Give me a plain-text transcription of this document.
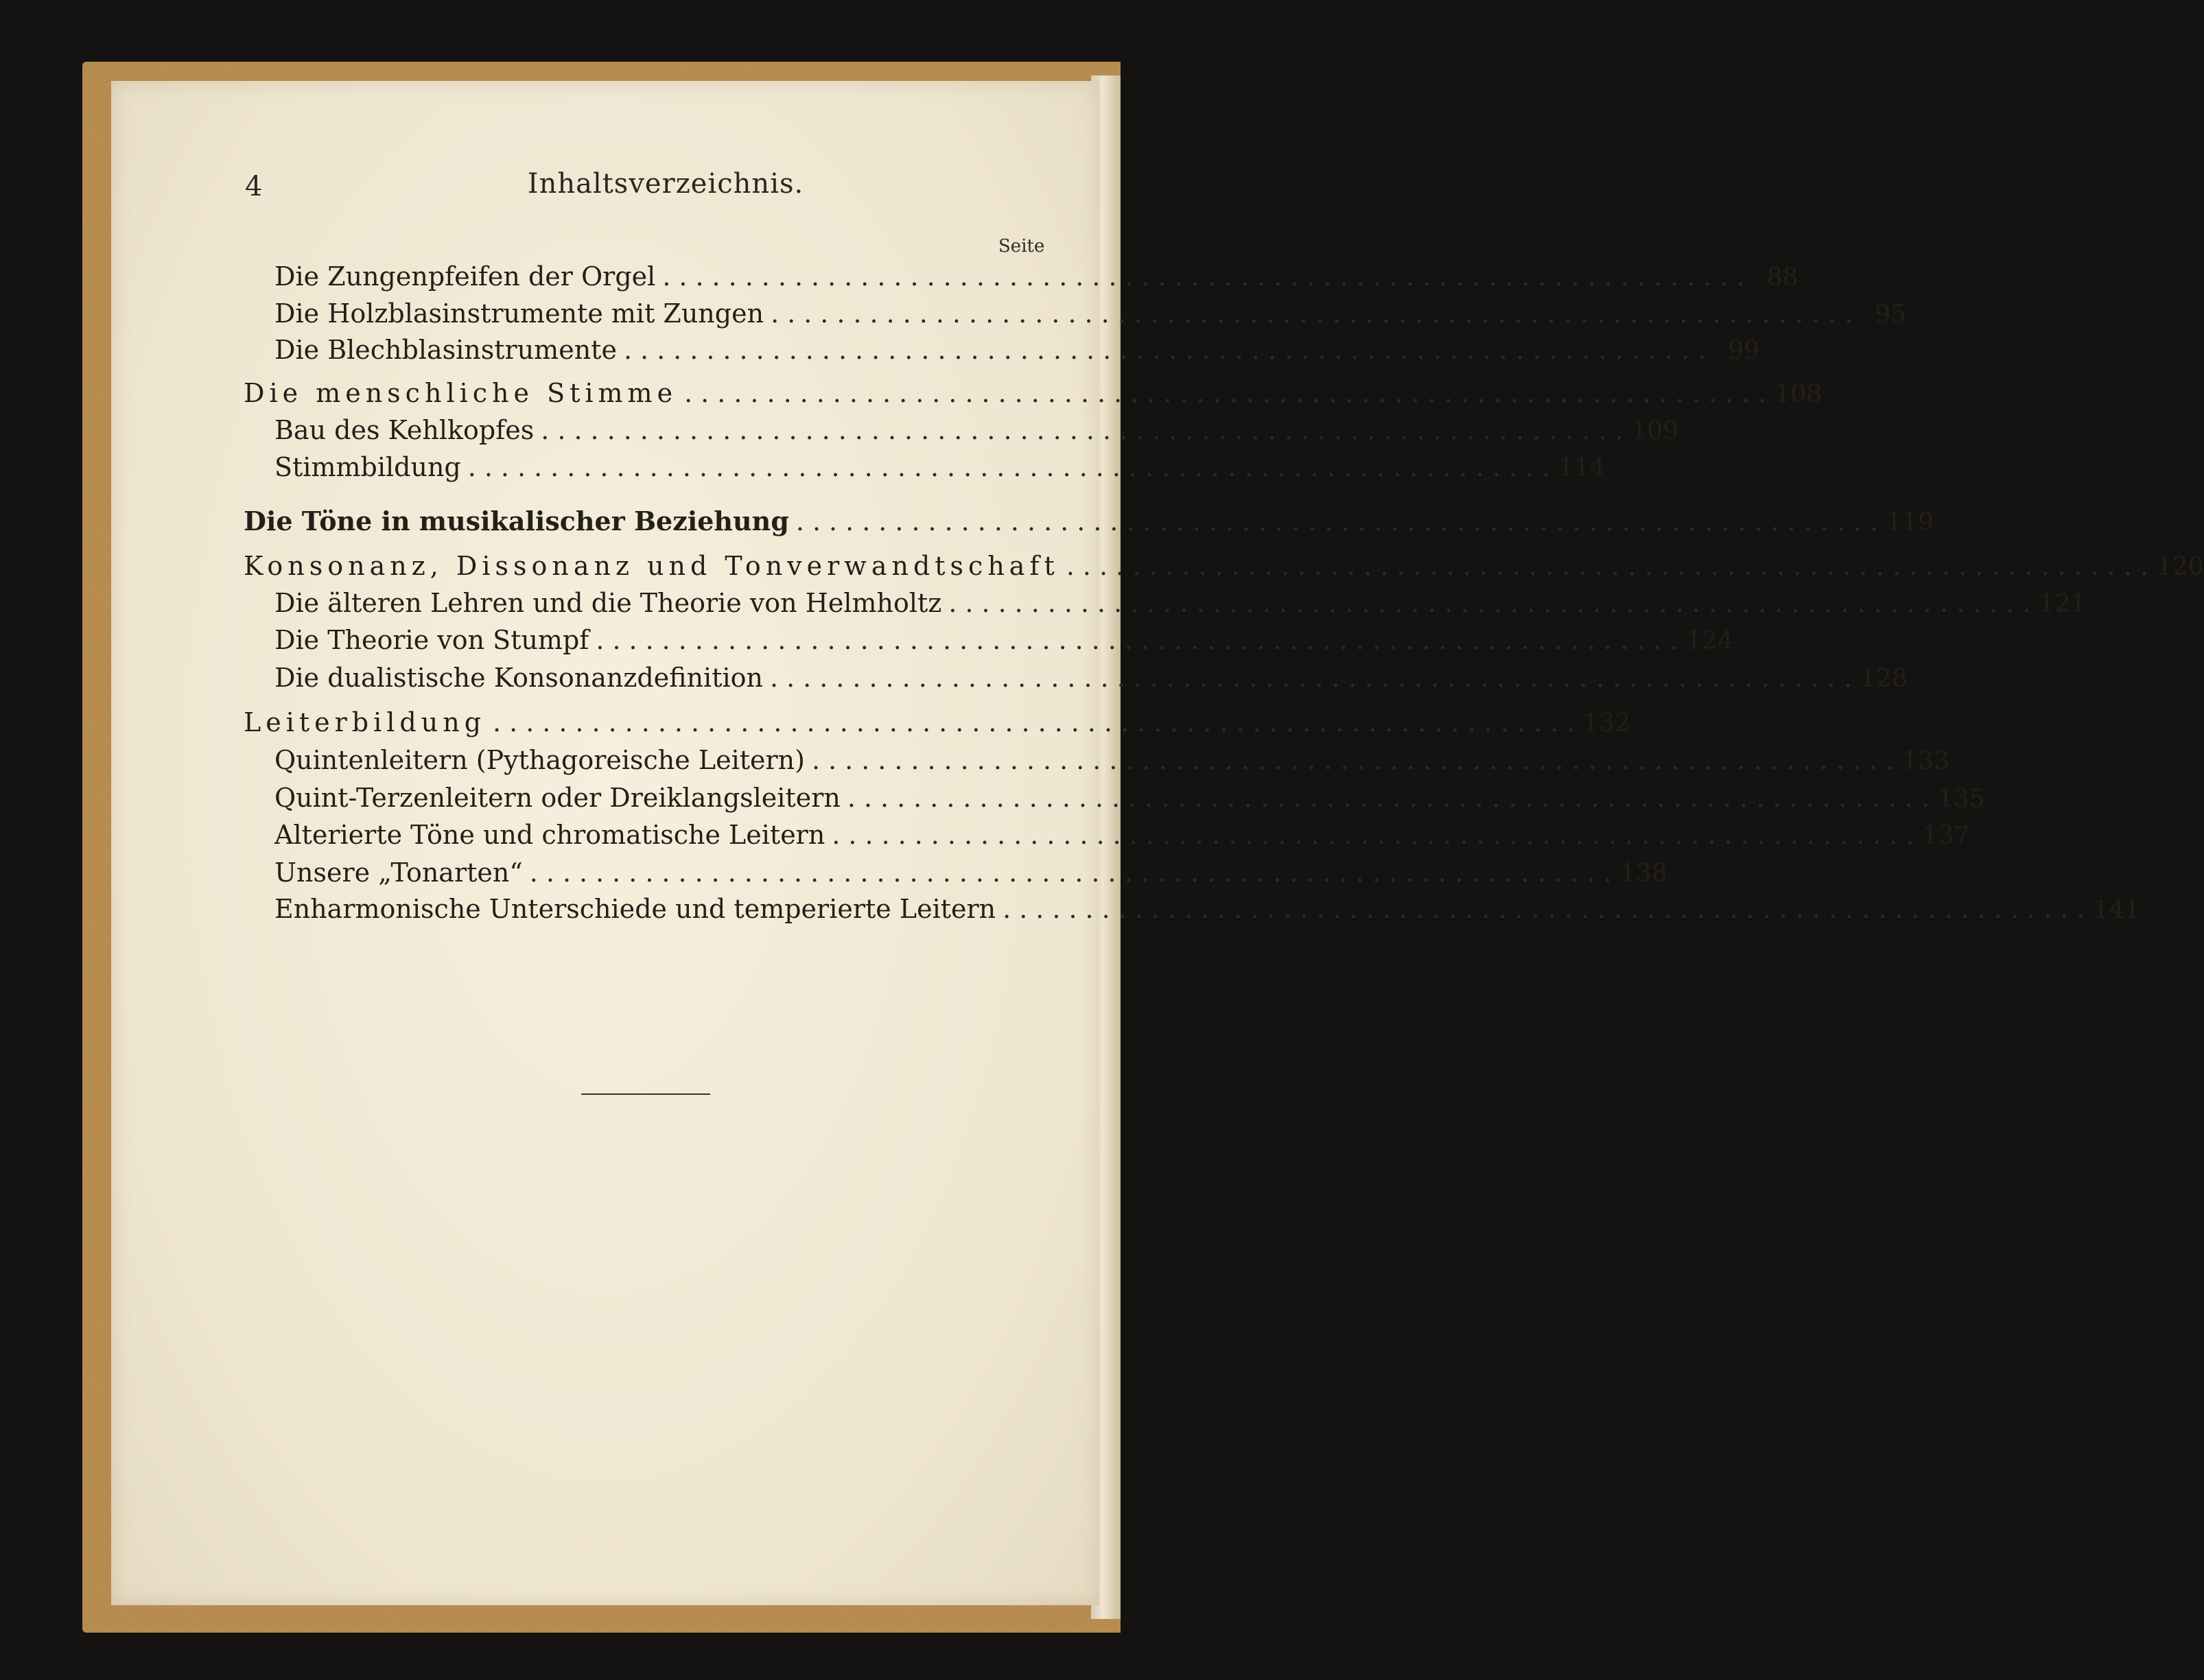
4	Inhaltsverzeichnis.
Seite
Die Zungenpfeifen der Orgel .................................................................. 88
Die Holzblasinstrumente mit Zungen .................................................................. 95
Die Blechblasinstrumente .................................................................. 99
Die menschliche Stimme .................................................................. 108
Bau des Kehlkopfes .................................................................. 109
Stimmbildung .................................................................. 114
Die Töne in musikalischer Beziehung .................................................................. 119
Konsonanz, Dissonanz und Tonverwandtschaft .................................................................. 120
Die älteren Lehren und die Theorie von Helmholtz .................................................................. 121
Die Theorie von Stumpf .................................................................. 124
Die dualistische Konsonanzdefinition .................................................................. 128
Leiterbildung .................................................................. 132
Quintenleitern (Pythagoreische Leitern) .................................................................. 133
Quint-Terzenleitern oder Dreiklangsleitern .................................................................. 135
Alterierte Töne und chromatische Leitern .................................................................. 137
Unsere „Tonarten“ .................................................................. 138
Enharmonische Unterschiede und temperierte Leitern .................................................................. 141
